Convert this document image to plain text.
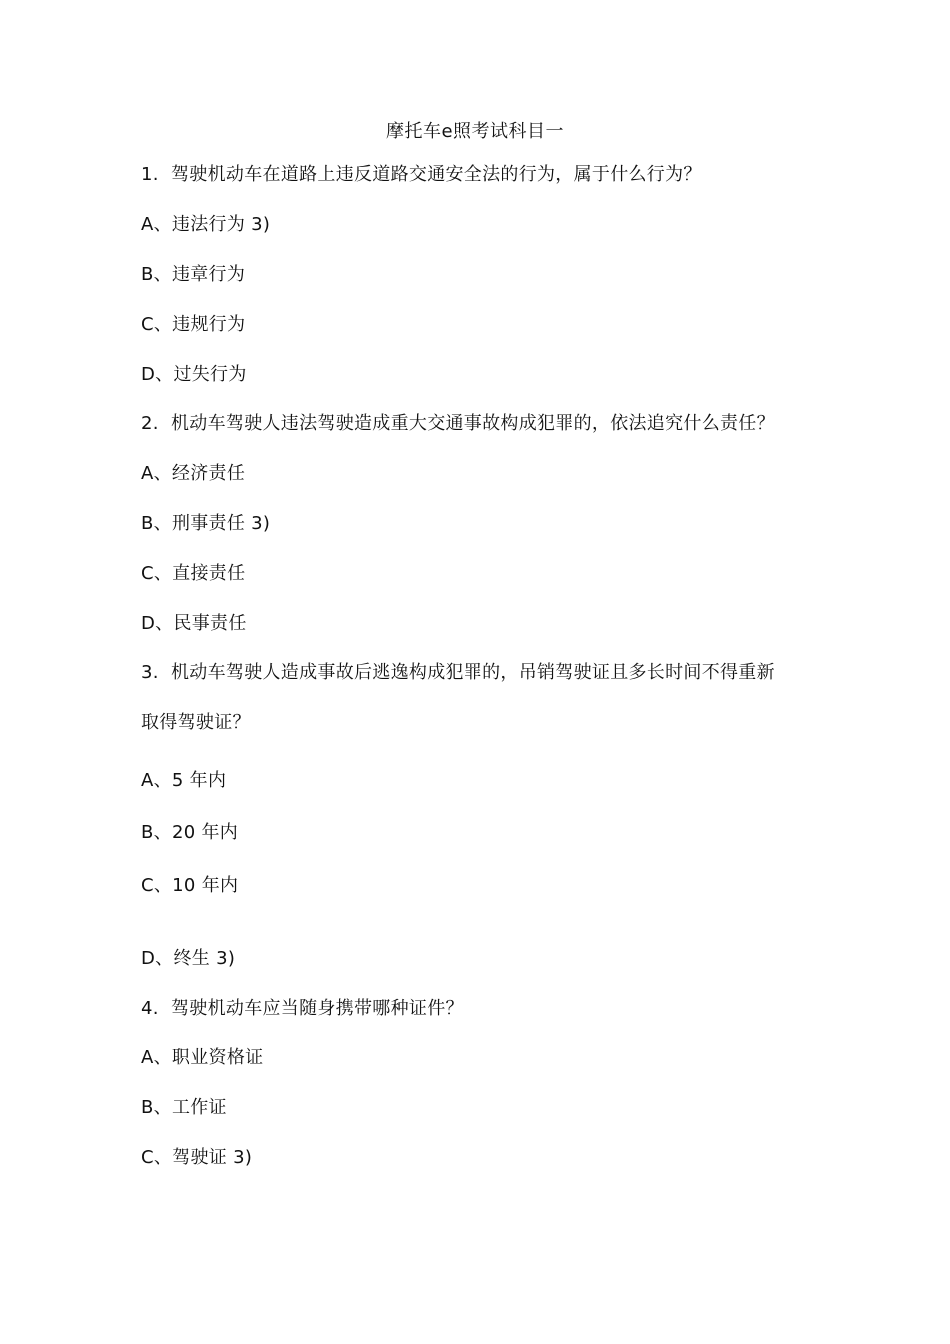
摩托车e照考试科目一
1. 驾驶机动车在道路上违反道路交通安全法的行为，属于什么行为？
A、违法行为 3)
B、违章行为
C、违规行为
D、过失行为
2. 机动车驾驶人违法驾驶造成重大交通事故构成犯罪的，依法追究什么责任？
A、经济责任
B、刑事责任 3)
C、直接责任
D、民事责任
3. 机动车驾驶人造成事故后逃逸构成犯罪的，吊销驾驶证且多长时间不得重新
取得驾驶证？
A、5 年内
B、20 年内
C、10 年内
D、终生 3)
4. 驾驶机动车应当随身携带哪种证件？
A、职业资格证
B、工作证
C、驾驶证 3)
